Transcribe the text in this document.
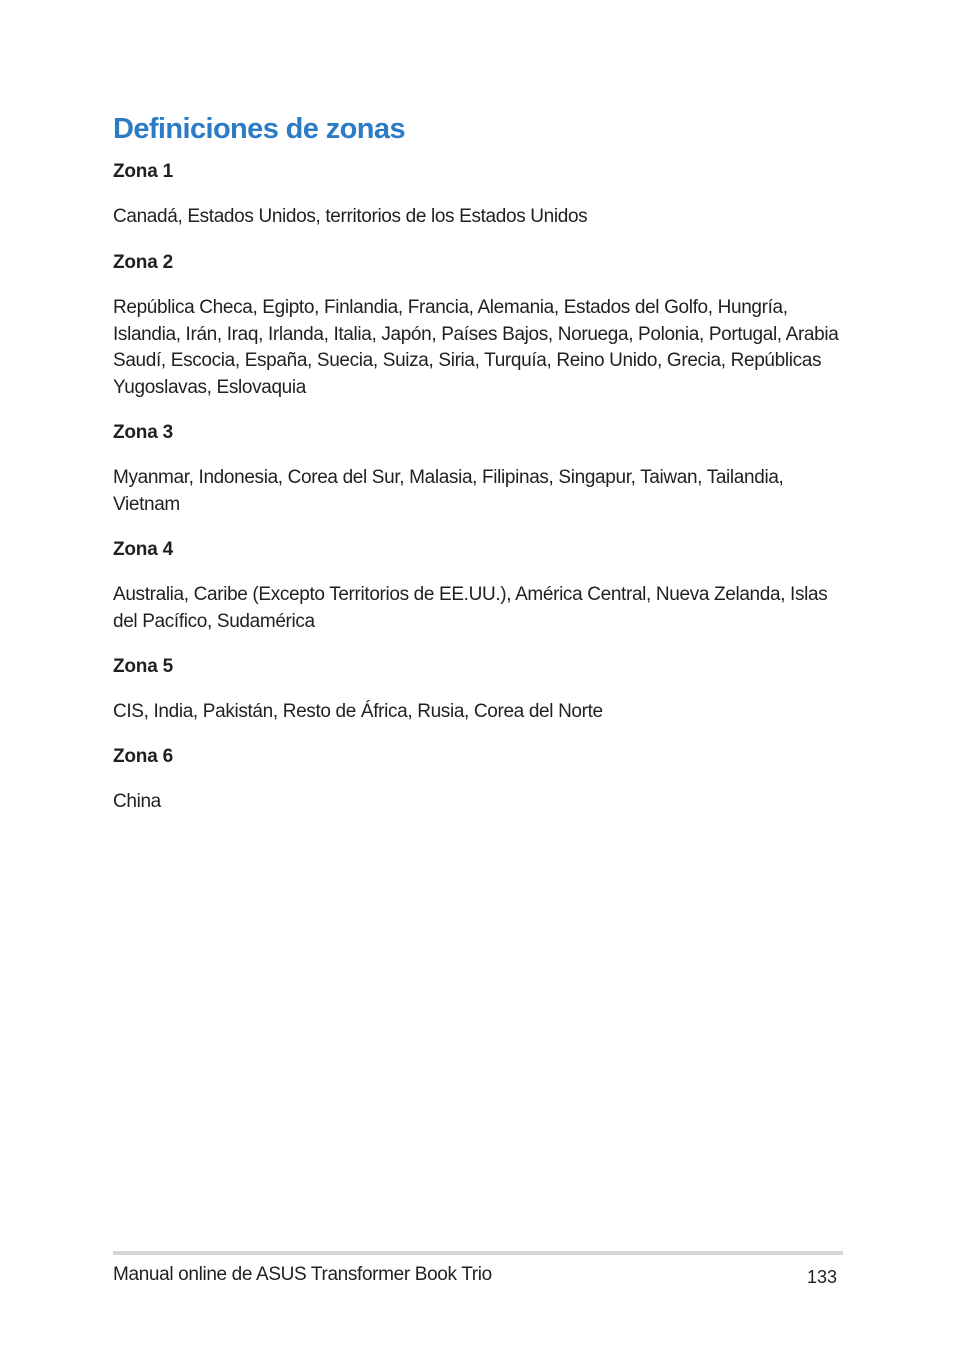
Definiciones de zonas
Zona 1

Canadá, Estados Unidos, territorios de los Estados Unidos

Zona 2

República Checa, Egipto, Finlandia, Francia, Alemania, Estados del Golfo, Hungría, Islandia, Irán, Iraq, Irlanda, Italia, Japón, Países Bajos, Noruega, Polonia, Portugal, Arabia Saudí, Escocia, España, Suecia, Suiza, Siria, Turquía, Reino Unido, Grecia, Repúblicas Yugoslavas, Eslovaquia

Zona 3

Myanmar, Indonesia, Corea del Sur, Malasia, Filipinas, Singapur, Taiwan, Tailandia, Vietnam

Zona 4

Australia, Caribe (Excepto Territorios de EE.UU.), América Central, Nueva Zelanda, Islas del Pacífico, Sudamérica

Zona 5

CIS, India, Pakistán, Resto de África, Rusia, Corea del Norte

Zona 6

China

Manual online de ASUS Transformer Book Trio	133
